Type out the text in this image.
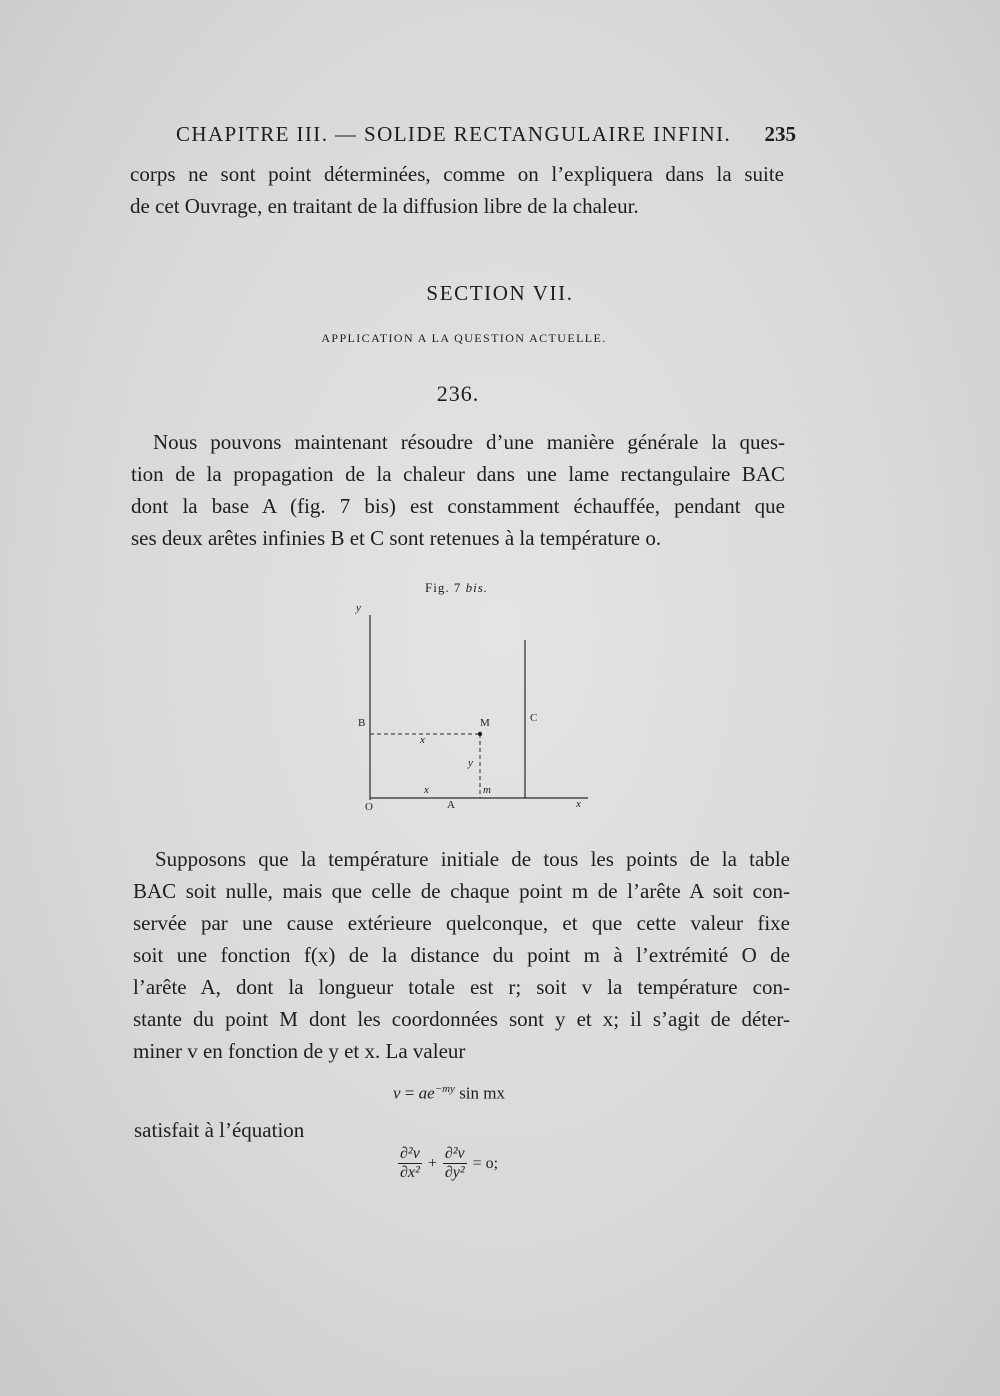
CHAPITRE III. — SOLIDE RECTANGULAIRE INFINI. 235
corps ne sont point déterminées, comme on l’expliquera dans la suite
de cet Ouvrage, en traitant de la diffusion libre de la chaleur.
SECTION VII.
APPLICATION A LA QUESTION ACTUELLE.
236.
Nous pouvons maintenant résoudre d’une manière générale la ques-
tion de la propagation de la chaleur dans une lame rectangulaire BAC
dont la base A (fig. 7 bis) est constamment échauffée, pendant que
ses deux arêtes infinies B et C sont retenues à la température o.
Fig. 7 bis.
y
B	M	C
x
y
x	m
x
O	A
Supposons que la température initiale de tous les points de la table
BAC soit nulle, mais que celle de chaque point m de l’arête A soit con-
servée par une cause extérieure quelconque, et que cette valeur fixe
soit une fonction f(x) de la distance du point m à l’extrémité O de
l’arête A, dont la longueur totale est r; soit v la température con-
stante du point M dont les coordonnées sont y et x; il s’agit de déter-
miner v en fonction de y et x. La valeur
$v = ae^{-my}$ sin mx
satisfait à l’équation
$\frac{\text{∂²v}}{\text{∂x²}} + \frac{\text{∂²v}}{\text{∂y²}} = o$;
